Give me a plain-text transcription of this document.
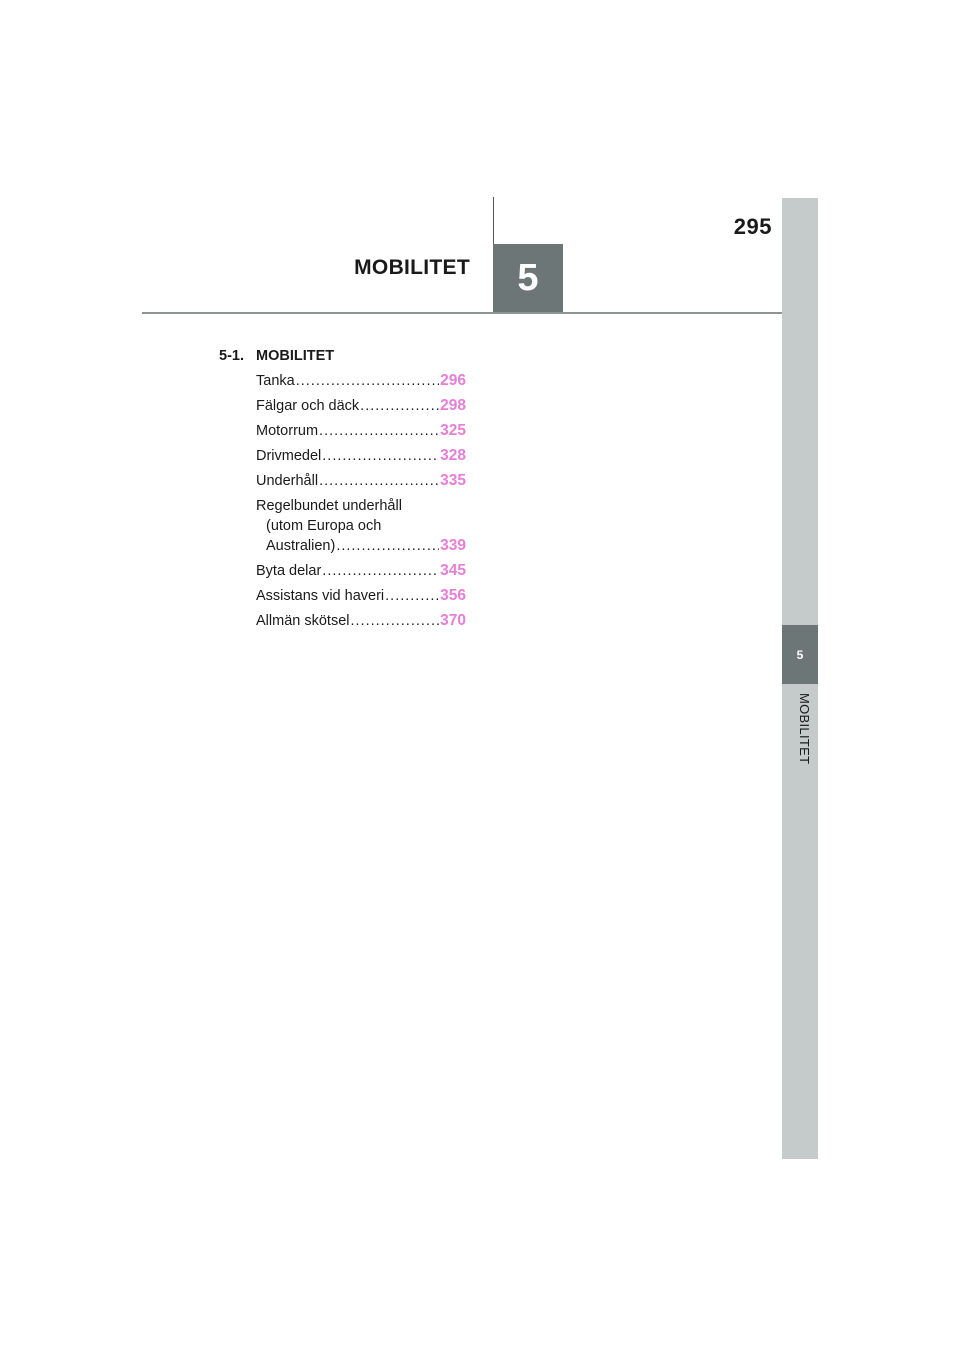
295
MOBILITET	5
5
MOBILITET
5-1. MOBILITET
Tanka .....	296
Fälgar och däck .....	298
Motorrum .....	325
Drivmedel .....	328
Underhåll .....	335
Regelbundet underhåll
(utom Europa och
Australien) .....	339
Byta delar .....	345
Assistans vid haveri .....	356
Allmän skötsel .....	370
